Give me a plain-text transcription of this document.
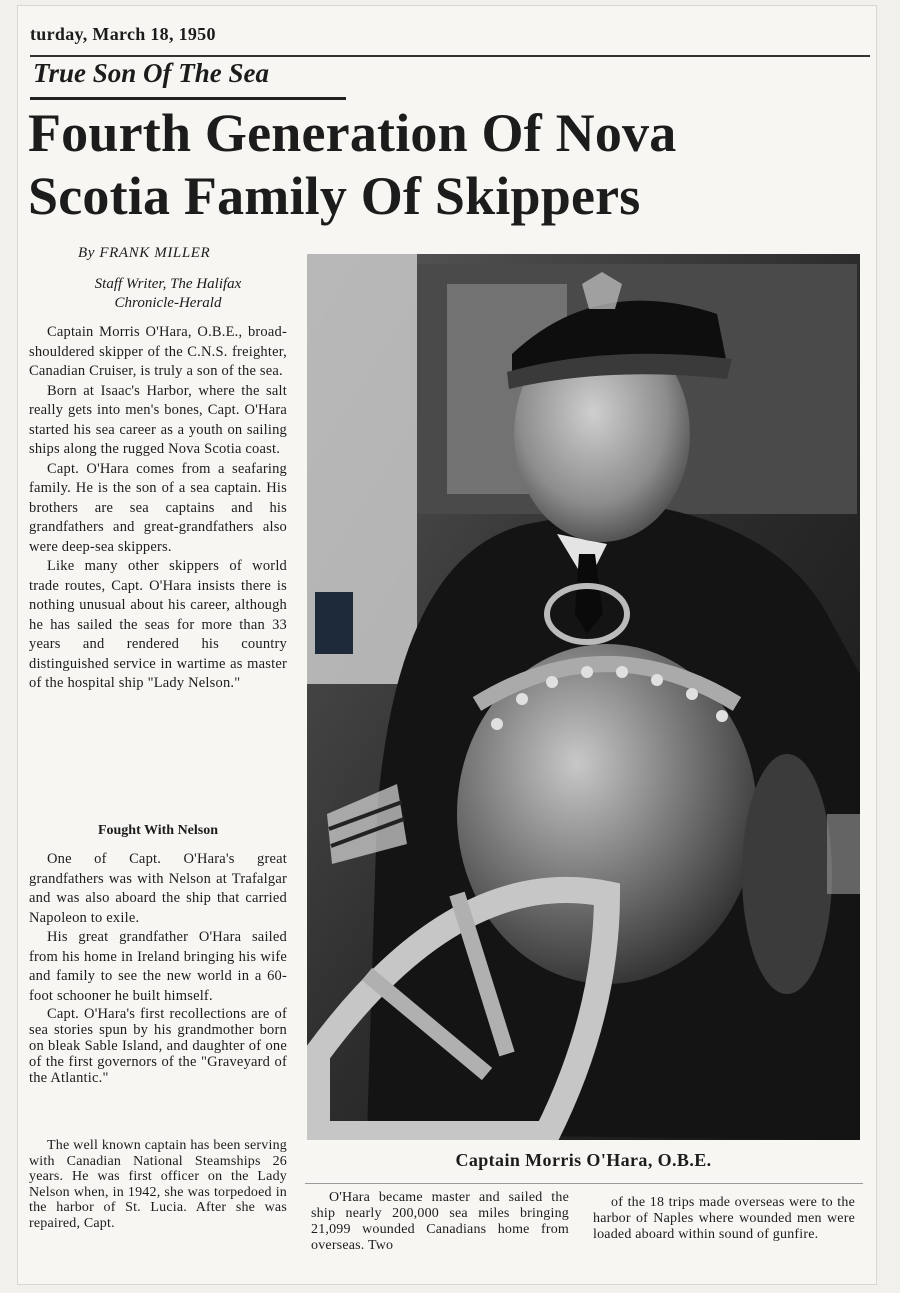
turday, March 18, 1950
True Son Of The Sea
Fourth Generation Of Nova
Scotia Family Of Skippers
By FRANK MILLER
Staff Writer, The Halifax
Chronicle-Herald

Captain Morris O'Hara, O.B.E., broad-shouldered skipper of the C.N.S. freighter, Canadian Cruiser, is truly a son of the sea.

Born at Isaac's Harbor, where the salt really gets into men's bones, Capt. O'Hara started his sea career as a youth on sailing ships along the rugged Nova Scotia coast.

Capt. O'Hara comes from a seafaring family. He is the son of a sea captain. His brothers are sea captains and his grandfathers and great-grandfathers also were deep-sea skippers.

Like many other skippers of world trade routes, Capt. O'Hara insists there is nothing unusual about his career, although he has sailed the seas for more than 33 years and rendered his country distinguished service in wartime as master of the hospital ship "Lady Nelson."

Fought With Nelson

One of Capt. O'Hara's great grandfathers was with Nelson at Trafalgar and was also aboard the ship that carried Napoleon to exile.

His great grandfather O'Hara sailed from his home in Ireland bringing his wife and family to see the new world in a 60-foot schooner he built himself.

Capt. O'Hara's first recollections are of sea stories spun by his grandmother born on bleak Sable Island, and daughter of one of the first governors of the "Graveyard of the Atlantic."

The well known captain has been serving with Canadian National Steamships 26 years. He was first officer on the Lady Nelson when, in 1942, she was torpedoed in the harbor of St. Lucia. After she was repaired, Capt.

Captain Morris O'Hara, O.B.E.

O'Hara became master and sailed the ship nearly 200,000 sea miles bringing 21,099 wounded Canadians home from overseas. Two

of the 18 trips made overseas were to the harbor of Naples where wounded men were loaded aboard within sound of gunfire.
